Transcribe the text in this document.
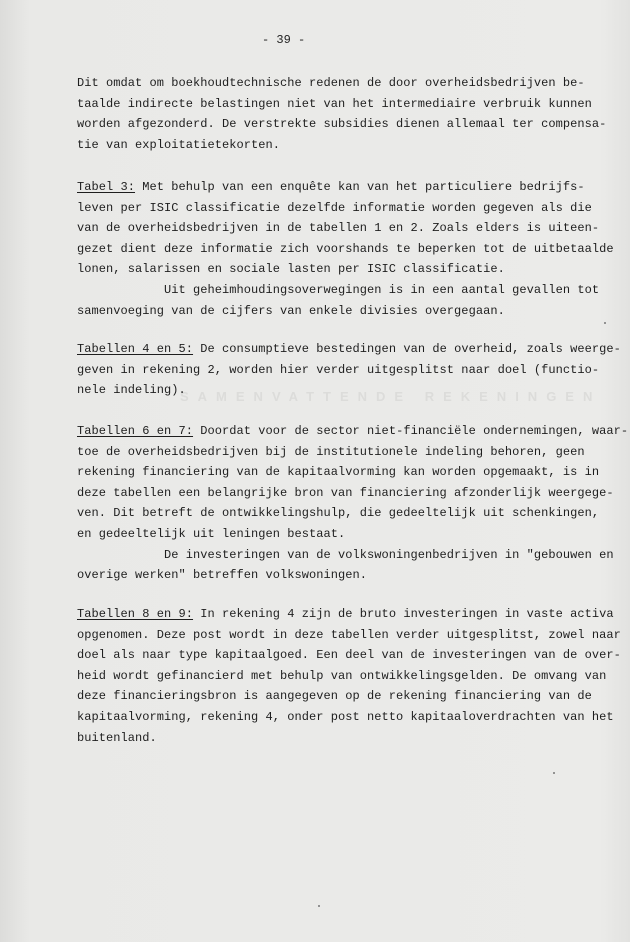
SAMENVATTENDE REKENINGEN
- 39 -
Dit omdat om boekhoudtechnische redenen de door overheidsbedrijven be-
taalde indirecte belastingen niet van het intermediaire verbruik kunnen
worden afgezonderd. De verstrekte subsidies dienen allemaal ter compensa-
tie van exploitatietekorten.
Tabel 3: Met behulp van een enquête kan van het particuliere bedrijfs-
leven per ISIC classificatie dezelfde informatie worden gegeven als die
van de overheidsbedrijven in de tabellen 1 en 2. Zoals elders is uiteen-
gezet dient deze informatie zich voorshands te beperken tot de uitbetaalde
lonen, salarissen en sociale lasten per ISIC classificatie.
Uit geheimhoudingsoverwegingen is in een aantal gevallen tot
samenvoeging van de cijfers van enkele divisies overgegaan.
Tabellen 4 en 5: De consumptieve bestedingen van de overheid, zoals weerge-
geven in rekening 2, worden hier verder uitgesplitst naar doel (functio-
nele indeling).
Tabellen 6 en 7: Doordat voor de sector niet-financiële ondernemingen, waar-
toe de overheidsbedrijven bij de institutionele indeling behoren, geen
rekening financiering van de kapitaalvorming kan worden opgemaakt, is in
deze tabellen een belangrijke bron van financiering afzonderlijk weergege-
ven. Dit betreft de ontwikkelingshulp, die gedeeltelijk uit schenkingen,
en gedeeltelijk uit leningen bestaat.
De investeringen van de volkswoningenbedrijven in "gebouwen en
overige werken" betreffen volkswoningen.
Tabellen 8 en 9: In rekening 4 zijn de bruto investeringen in vaste activa
opgenomen. Deze post wordt in deze tabellen verder uitgesplitst, zowel naar
doel als naar type kapitaalgoed. Een deel van de investeringen van de over-
heid wordt gefinancierd met behulp van ontwikkelingsgelden. De omvang van
deze financieringsbron is aangegeven op de rekening financiering van de
kapitaalvorming, rekening 4, onder post netto kapitaaloverdrachten van het
buitenland.
